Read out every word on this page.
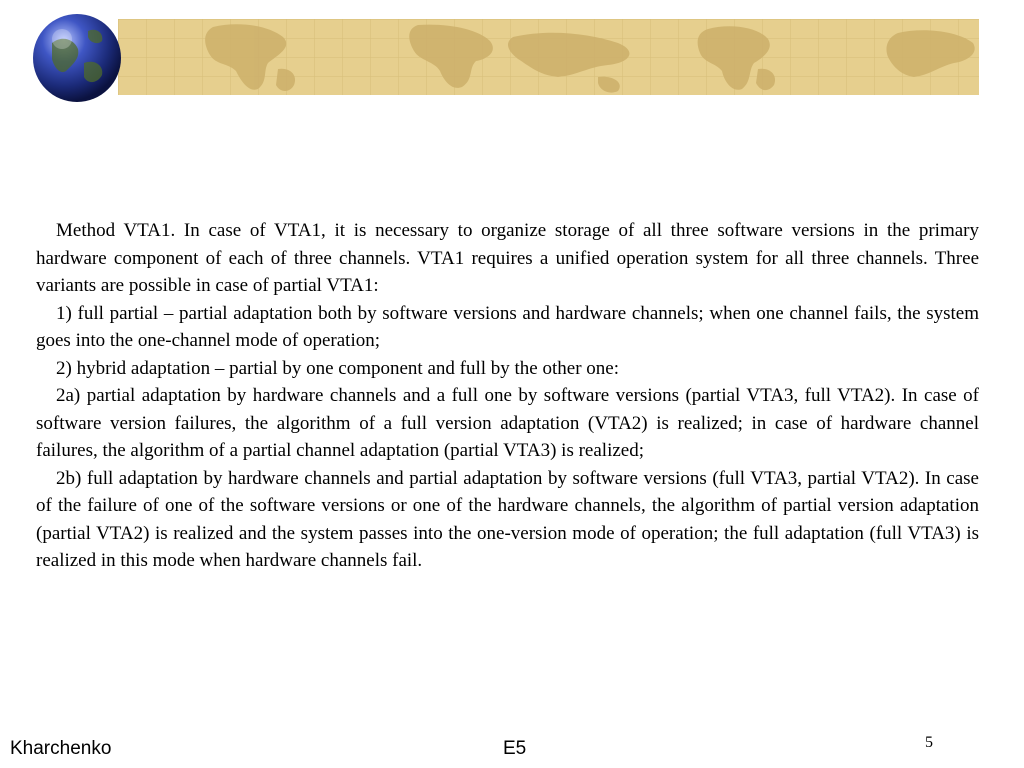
Method VTA1. In case of VTA1, it is necessary to organize storage of all three software versions in the primary hardware component of each of three channels. VTA1 requires a unified operation system for all three channels. Three variants are possible in case of partial VTA1:

1) full partial – partial adaptation both by software versions and hardware channels; when one channel fails, the system goes into the one-channel mode of operation;

2) hybrid adaptation – partial by one component and full by the other one:

2a) partial adaptation by hardware channels and a full one by software versions (partial VTA3, full VTA2). In case of software version failures, the algorithm of a full version adaptation (VTA2) is realized; in case of hardware channel failures, the algorithm of a partial channel adaptation (partial VTA3) is realized;

2b) full adaptation by hardware channels and partial adaptation by software versions (full VTA3, partial VTA2). In case of the failure of one of the software versions or one of the hardware channels, the algorithm of partial version adaptation (partial VTA2) is realized and the system passes into the one-version mode of operation; the full adaptation (full VTA3) is realized in this mode when hardware channels fail.

Kharchenko	E5	5
